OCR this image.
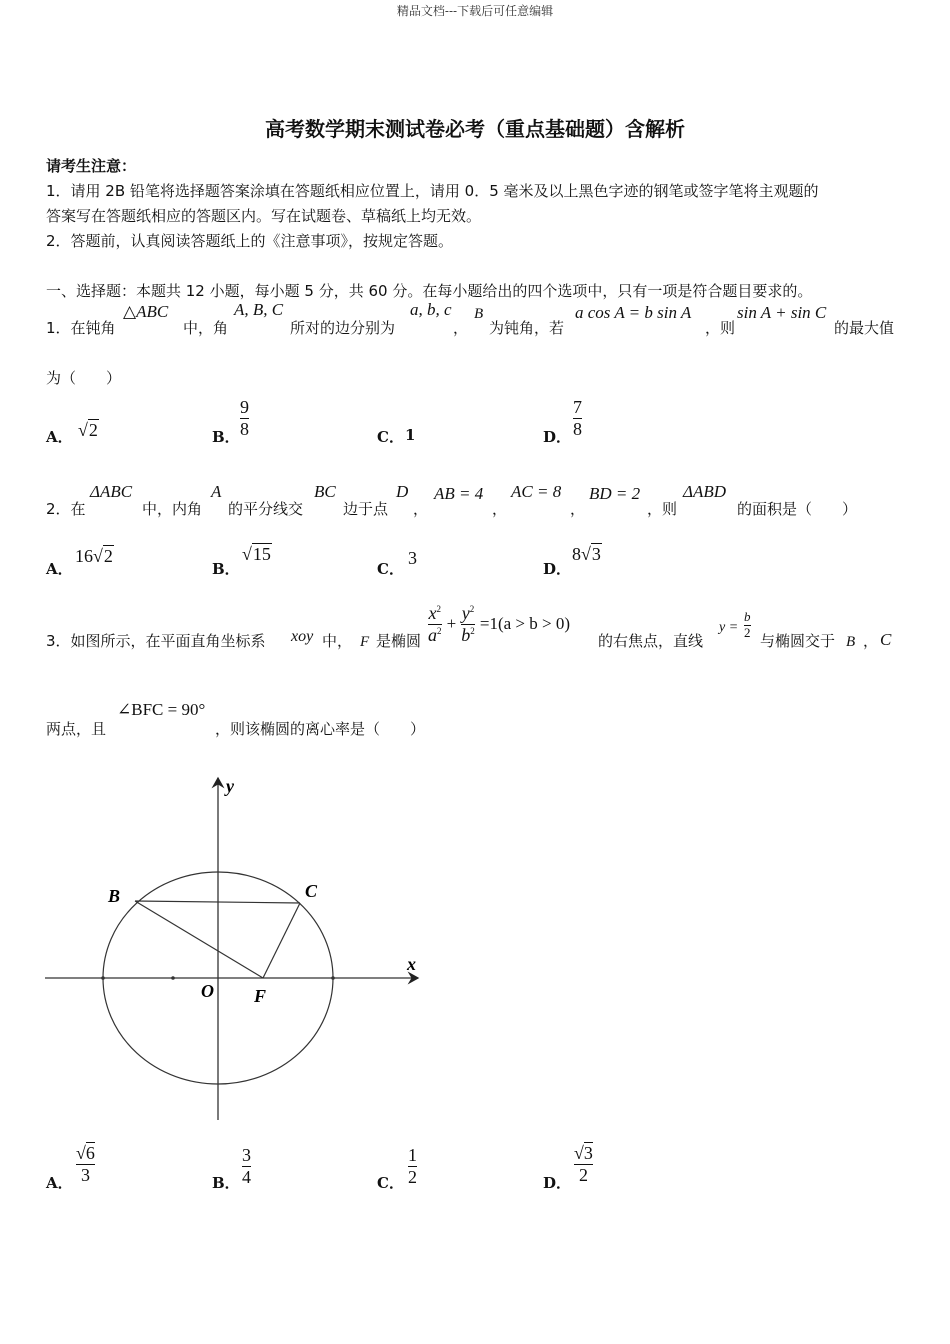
精品文档---下载后可任意编辑
高考数学期末测试卷必考（重点基础题）含解析
请考生注意：
1．请用 2B 铅笔将选择题答案涂填在答题纸相应位置上，请用 0．5 毫米及以上黑色字迹的钢笔或签字笔将主观题的
答案写在答题纸相应的答题区内。写在试题卷、草稿纸上均无效。
2．答题前，认真阅读答题纸上的《注意事项》，按规定答题。
一、选择题：本题共 12 小题，每小题 5 分，共 60 分。在每小题给出的四个选项中，只有一项是符合题目要求的。
1．在钝角
△ABC
中，角
A, B, C
所对的边分别为
a, b, c
，
B
为钝角，若
a cos A = b sin A
，则
sin A + sin C
的最大值
为（　　）
A． √2	B．
9
8	C． 1	D．
7
8
2．在
ΔABC
中，内角
A
的平分线交
BC
边于点
D
，
AB = 4
，
AC = 8
，
BD = 2
，则
ΔABD
的面积是（　　）
A．
16√2
B．
√15
C．
3
D．
8√3
3．如图所示，在平面直角坐标系 xoy 中， F 是椭圆 $\frac{x^2}{a^2} + \frac{y^2}{b^2} =1(a > b > 0)$
的右焦点，直线
y =
b
2 与椭圆交于 B ， C
两点，且
∠BFC = 90°
，则该椭圆的离心率是（　　）
y
x
B	C
O F
A．
√6
3	B．
3
4	C．
1
2	D．
√3
2
